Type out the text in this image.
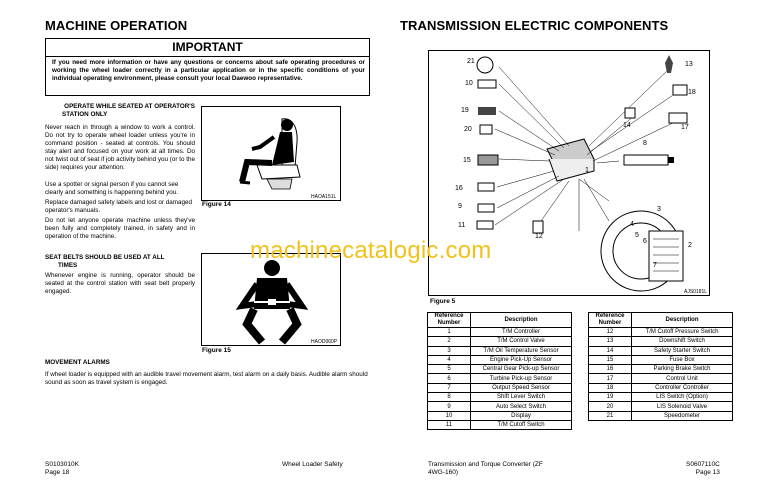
MACHINE OPERATION
IMPORTANT
If you need more information or have any questions or concerns about safe operating procedures or working the wheel loader correctly in a particular application or in the specific conditions of your individual operating environment, please consult your local Daewoo representative.
OPERATE WHILE SEATED AT OPERATOR'S
STATION ONLY
Never reach in through a window to work a control. Do not try to operate wheel loader unless you're in command position - seated at controls. You should stay alert and focused on your work at all times. Do not twist out of seat if job activity behind you (or to the side) requires your attention.
Use a spotter or signal person if you cannot see clearly and something is happening behind you.
Replace damaged safety labels and lost or damaged operator's manuals.
Do not let anyone operate machine unless they've been fully and completely trained, in safety and in operation of the machine.
HAOA151L
Figure 14
SEAT BELTS SHOULD BE USED AT ALL
TIMES
Whenever engine is running, operator should be seated at the control station with seat belt properly engaged.
HAOD060P
Figure 15
MOVEMENT ALARMS
If wheel loader is equipped with an audible travel movement alarm, test alarm on a daily basis. Audible alarm should sound as soon as travel system is engaged.
S0103010K
Page 18
Wheel Loader Safety
TRANSMISSION ELECTRIC COMPONENTS
21
10
19
20
15
16
9
11
12
13
18
14	17
8
1
3
4
5
6
2
7
AJS0181L
Figure 5
Reference Number	Description
1	T/M Controller
2	T/M Control Valve
3	T/M Oil Temperature Sensor
4	Engine Pick-Up Sensor
5	Central Gear Pick-up Sensor
6	Turbine Pick-up Sensor
7	Output Speed Sensor
8	Shift Lever Switch
9	Auto Select Switch
10	Display
11	T/M Cutoff Switch
Reference Number	Description
12	T/M Cutoff Pressure Switch
13	Downshift Switch
14	Safety Starter Switch
15	Fuse Box
16	Parking Brake Switch
17	Control Unit
18	Controller Controller
19	LIS Switch (Option)
20	LIS Solenoid Valve
21	Speedometer
Transmission and Torque Converter (ZF
4WG-160)
S0607110C
Page 13
machinecatalogic.com
